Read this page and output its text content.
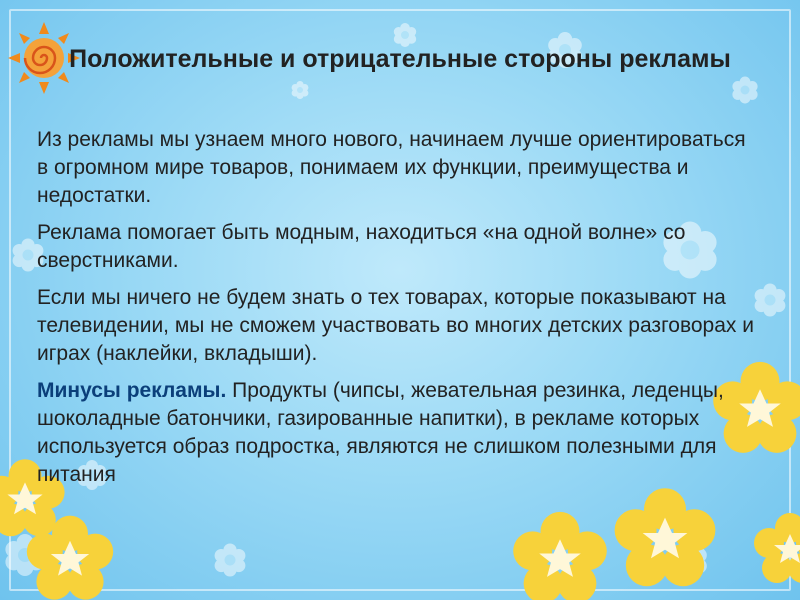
Положительные и отрицательные стороны рекламы

Из рекламы мы узнаем много нового, начинаем лучше ориентироваться в огромном мире товаров, понимаем их функции, преимущества и недостатки.

Реклама помогает быть модным, находиться «на одной волне» со сверстниками.

Если мы ничего не будем знать о тех товарах, которые показывают на телевидении, мы не сможем участвовать во многих детских разговорах и играх (наклейки, вкладыши).

Минусы рекламы. Продукты (чипсы, жевательная резинка, леденцы, шоколадные батончики, газированные напитки), в рекламе которых используется образ подростка, являются не слишком полезными для питания
